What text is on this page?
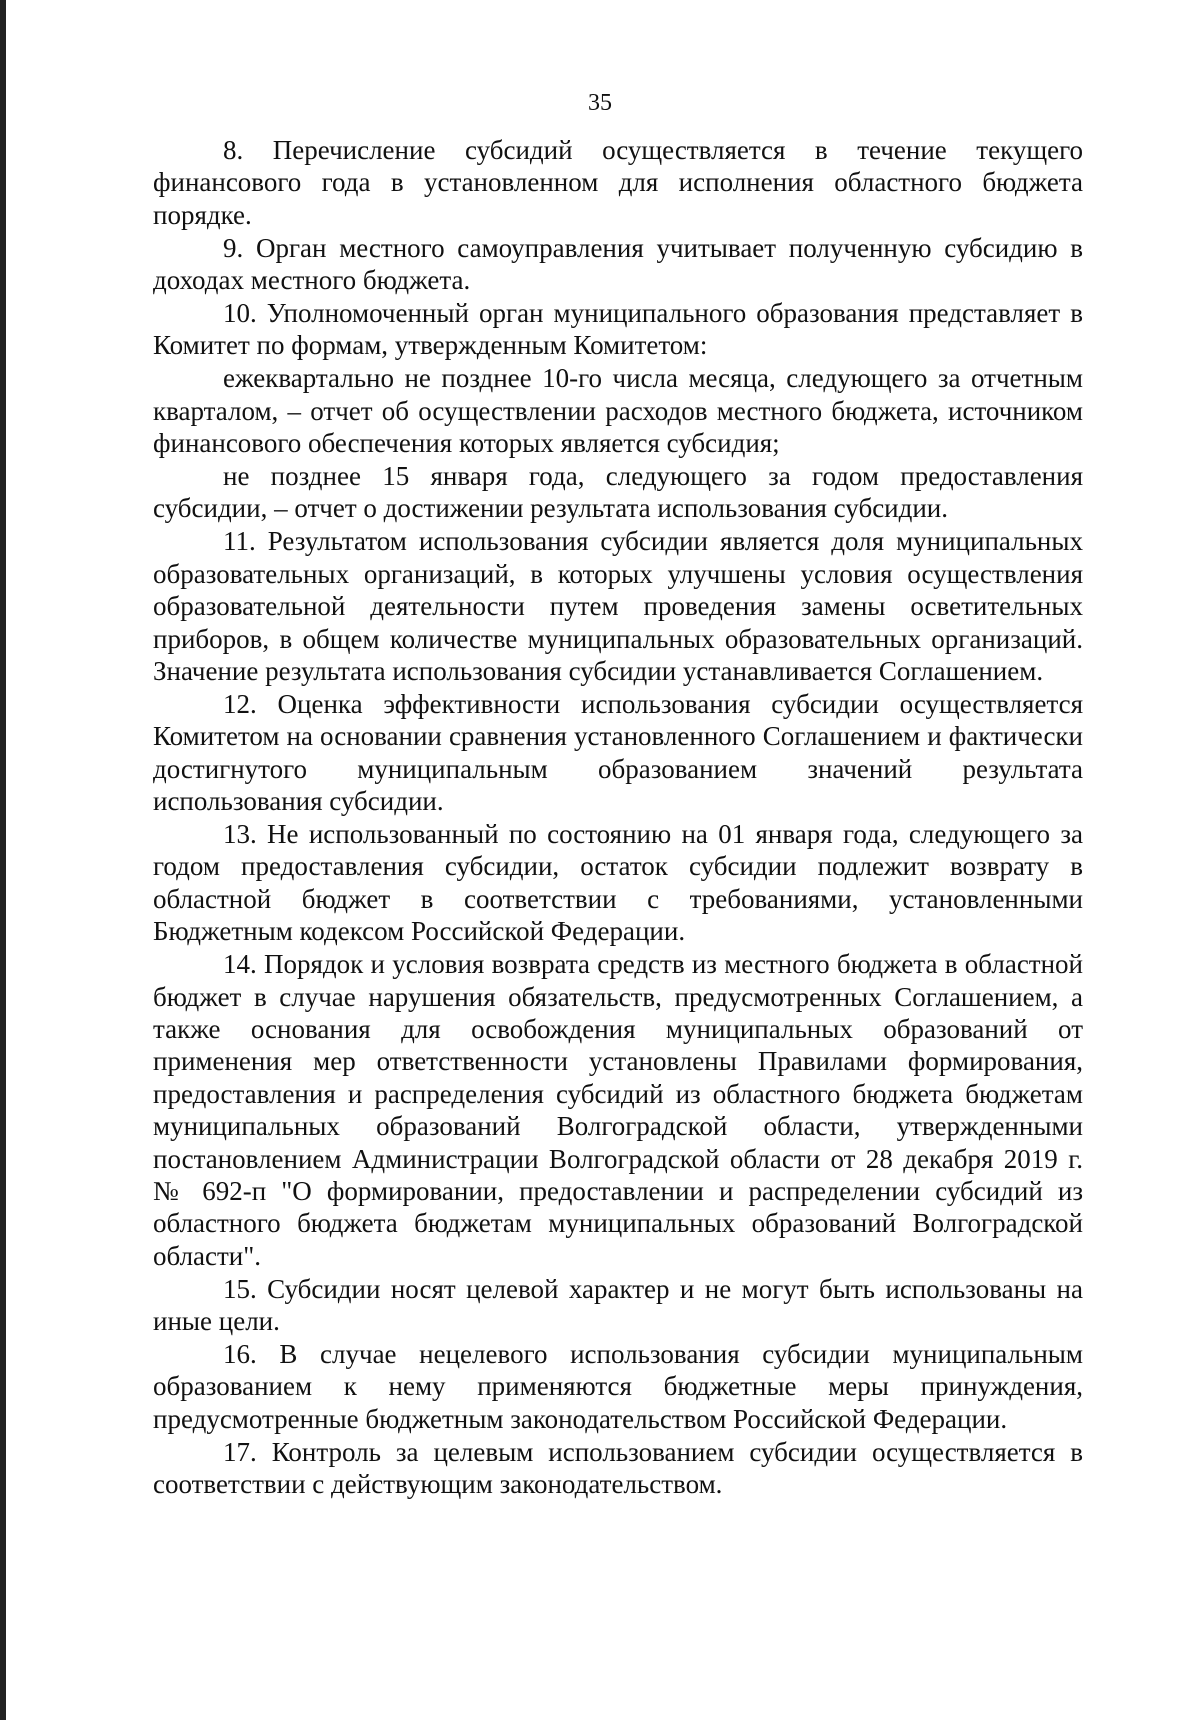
35

8. Перечисление субсидий осуществляется в течение текущего финансового года в установленном для исполнения областного бюджета порядке.

9. Орган местного самоуправления учитывает полученную субсидию в доходах местного бюджета.

10. Уполномоченный орган муниципального образования представляет в Комитет по формам, утвержденным Комитетом:

ежеквартально не позднее 10-го числа месяца, следующего за отчетным кварталом, – отчет об осуществлении расходов местного бюджета, источником финансового обеспечения которых является субсидия;

не позднее 15 января года, следующего за годом предоставления субсидии, – отчет о достижении результата использования субсидии.

11. Результатом использования субсидии является доля муниципальных образовательных организаций, в которых улучшены условия осуществления образовательной деятельности путем проведения замены осветительных приборов, в общем количестве муниципальных образовательных организаций. Значение результата использования субсидии устанавливается Соглашением.

12. Оценка эффективности использования субсидии осуществляется Комитетом на основании сравнения установленного Соглашением и фактически достигнутого муниципальным образованием значений результата использования субсидии.

13. Не использованный по состоянию на 01 января года, следующего за годом предоставления субсидии, остаток субсидии подлежит возврату в областной бюджет в соответствии с требованиями, установленными Бюджетным кодексом Российской Федерации.

14. Порядок и условия возврата средств из местного бюджета в областной бюджет в случае нарушения обязательств, предусмотренных Соглашением, а также основания для освобождения муниципальных образований от применения мер ответственности установлены Правилами формирования, предоставления и распределения субсидий из областного бюджета бюджетам муниципальных образований Волгоградской области, утвержденными постановлением Администрации Волгоградской области от 28 декабря 2019 г. № 692-п "О формировании, предоставлении и распределении субсидий из областного бюджета бюджетам муниципальных образований Волгоградской области".

15. Субсидии носят целевой характер и не могут быть использованы на иные цели.

16. В случае нецелевого использования субсидии муниципальным образованием к нему применяются бюджетные меры принуждения, предусмотренные бюджетным законодательством Российской Федерации.

17. Контроль за целевым использованием субсидии осуществляется в соответствии с действующим законодательством.
